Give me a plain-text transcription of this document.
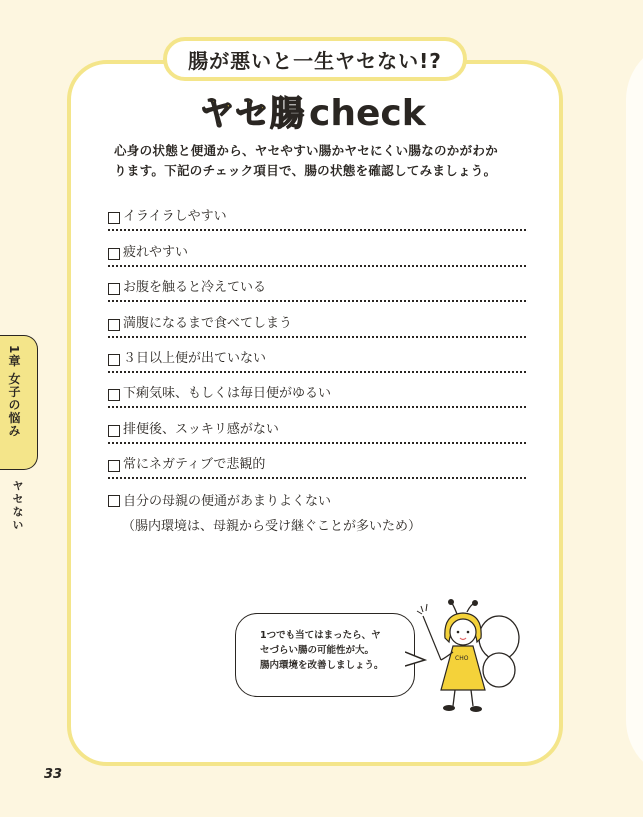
腸が悪いと一生ヤセない!?
ヤセ腸 check
心身の状態と便通から、ヤセやすい腸かヤセにくい腸なのかがわか
ります。下記のチェック項目で、腸の状態を確認してみましょう。
イライラしやすい
疲れやすい
お腹を触ると冷えている
満腹になるまで食べてしまう
３日以上便が出ていない
下痢気味、もしくは毎日便がゆるい
排便後、スッキリ感がない
常にネガティブで悲観的
自分の母親の便通があまりよくない
（腸内環境は、母親から受け継ぐことが多いため）
1章 女子の悩み
ヤセない
33
1つでも当てはまったら、ヤ
セづらい腸の可能性が大。
腸内環境を改善しましょう。
CHO
